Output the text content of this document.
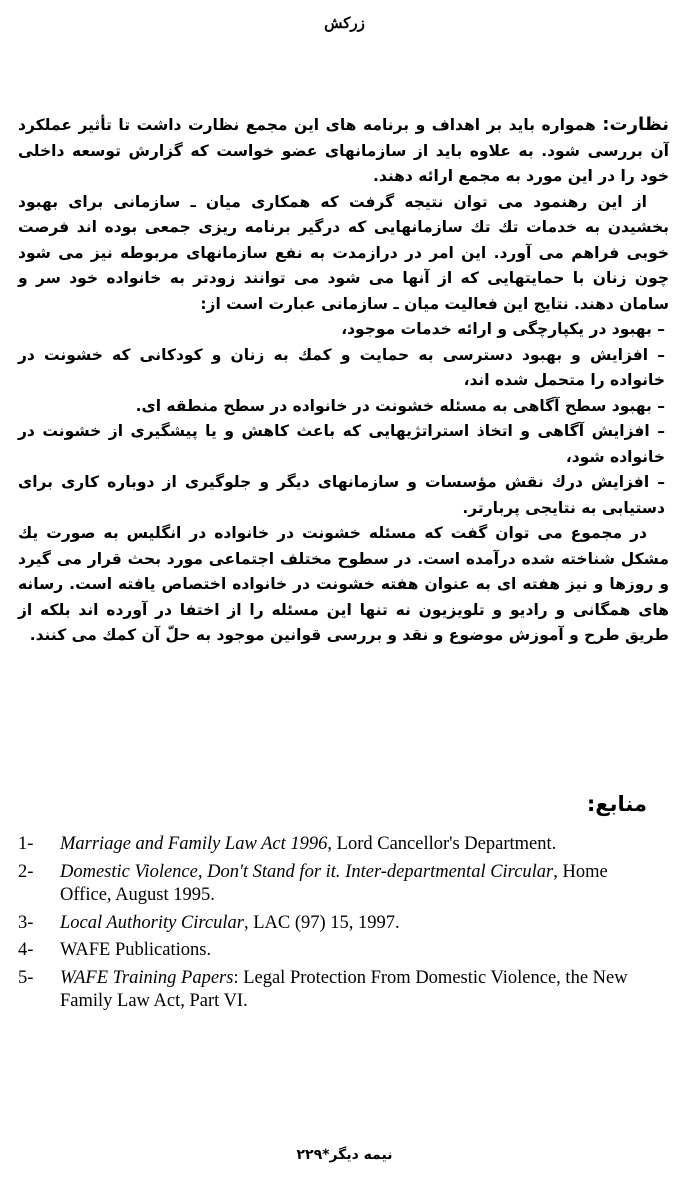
زرکش

نظارت: همواره باید بر اهداف و برنامه های این مجمع نظارت داشت تا تأثیر عملکرد آن بررسی شود. به علاوه باید از سازمانهای عضو خواست که گزارش توسعه داخلی خود را در این مورد به مجمع ارائه دهند.

از این رهنمود می توان نتیجه گرفت که همکاری میان ـ سازمانی برای بهبود بخشیدن به خدمات تك تك سازمانهایی که درگیر برنامه ریزی جمعی بوده اند فرصت خوبی فراهم می آورد. این امر در درازمدت به نفع سازمانهای مربوطه نیز می شود چون زنان با حمایتهایی که از آنها می شود می توانند زودتر به خانواده خود سر و سامان دهند. نتایج این فعالیت میان ـ سازمانی عبارت است از:

– بهبود در یکپارچگی و ارائه خدمات موجود،

– افزایش و بهبود دسترسی به حمایت و کمك به زنان و کودکانی که خشونت در خانواده را متحمل شده اند،

– بهبود سطح آگاهی به مسئله خشونت در خانواده در سطح منطقه ای.

– افزایش آگاهی و اتخاذ استراتژیهایی که باعث کاهش و یا پیشگیری از خشونت در خانواده شود،

– افزایش درك نقش مؤسسات و سازمانهای دیگر و جلوگیری از دوباره کاری برای دستیابی به نتایجی پربارتر.

در مجموع می توان گفت که مسئله خشونت در خانواده در انگلیس به صورت یك مشکل شناخته شده درآمده است. در سطوح مختلف اجتماعی مورد بحث قرار می گیرد و روزها و نیز هفته ای به عنوان هفته خشونت در خانواده اختصاص یافته است. رسانه های همگانی و رادیو و تلویزیون نه تنها این مسئله را از اختفا در آورده اند بلکه از طریق طرح و آموزش موضوع و نقد و بررسی قوانین موجود به حلّ آن کمك می کنند.

منابع:
1-	Marriage and Family Law Act 1996, Lord Cancellor's Department.
2-	Domestic Violence, Don't Stand for it. Inter-departmental Circular, Home Office, August 1995.
3-	Local Authority Circular, LAC (97) 15, 1997.
4-	WAFE Publications.
5-	WAFE Training Papers: Legal Protection From Domestic Violence, the New Family Law Act, Part VI.
نیمه دیگر*۲۲۹
